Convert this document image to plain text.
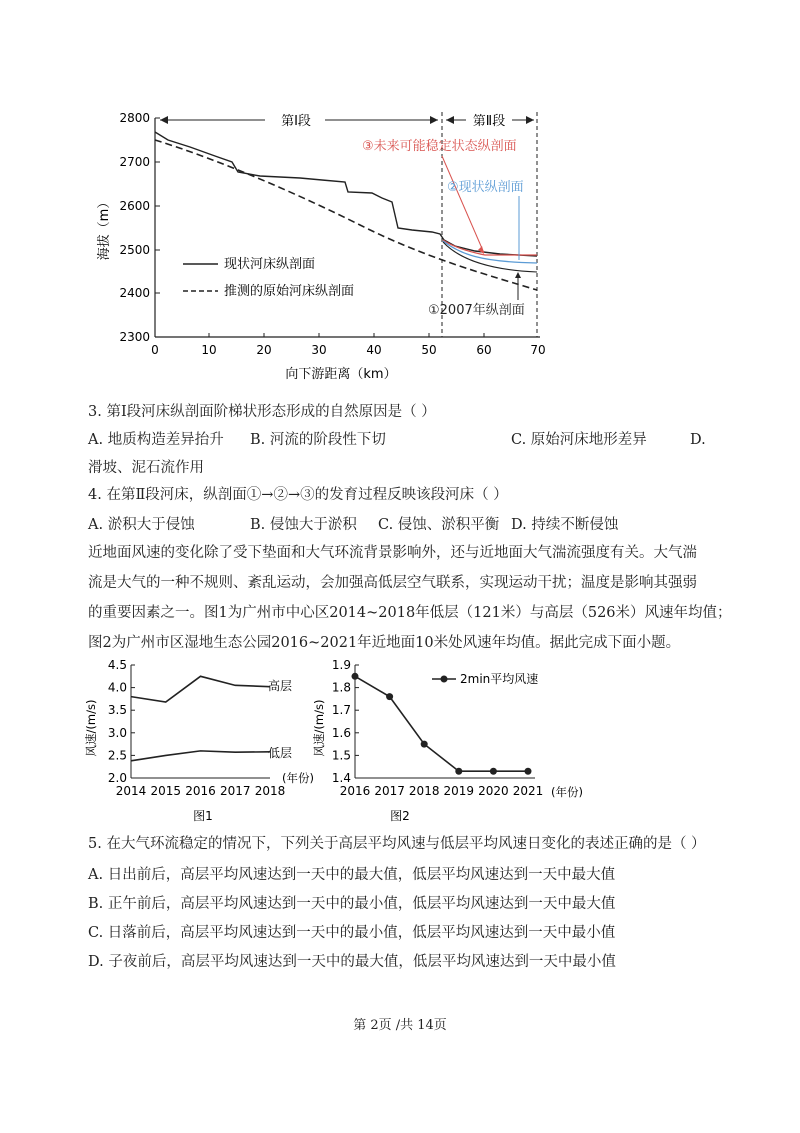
2800
2700
2600
2500
2400
2300
0	10	20	30	40	50	60	70
向下游距离（km）
海拔（m）
第Ⅰ段	第Ⅱ段
③未来可能稳定状态纵剖面
②现状纵剖面
①2007年纵剖面
现状河床纵剖面
推测的原始河床纵剖面
3. 第Ⅰ段河床纵剖面阶梯状形态形成的自然原因是（ ）
A. 地质构造差异抬升 B. 河流的阶段性下切	C. 原始河床地形差异	D.
滑坡、泥石流作用
4. 在第Ⅱ段河床，纵剖面①→②→③的发育过程反映该段河床（ ）
A. 淤积大于侵蚀	B. 侵蚀大于淤积 C. 侵蚀、淤积平衡 D. 持续不断侵蚀
近地面风速的变化除了受下垫面和大气环流背景影响外，还与近地面大气湍流强度有关。大气湍
流是大气的一种不规则、紊乱运动，会加强高低层空气联系，实现运动干扰；温度是影响其强弱
的重要因素之一。图1为广州市中心区2014~2018年低层（121米）与高层（526米）风速年均值；
图2为广州市区湿地生态公园2016~2021年近地面10米处风速年均值。据此完成下面小题。
风速/(m/s)
(年份)
图1
高层
低层
4.5
4.0
3.5
3.0
2.5
2.0
2014 2015 2016 2017 2018
风速/(m/s)
(年份)
图2
2min平均风速
1.9
1.8
1.7
1.6
1.5
1.4
2016 2017 2018 2019 2020 2021
5. 在大气环流稳定的情况下，下列关于高层平均风速与低层平均风速日变化的表述正确的是（ ）
A. 日出前后，高层平均风速达到一天中的最大值，低层平均风速达到一天中最大值
B. 正午前后，高层平均风速达到一天中的最小值，低层平均风速达到一天中最大值
C. 日落前后，高层平均风速达到一天中的最小值，低层平均风速达到一天中最小值
D. 子夜前后，高层平均风速达到一天中的最大值，低层平均风速达到一天中最小值
第 2页 /共 14页
